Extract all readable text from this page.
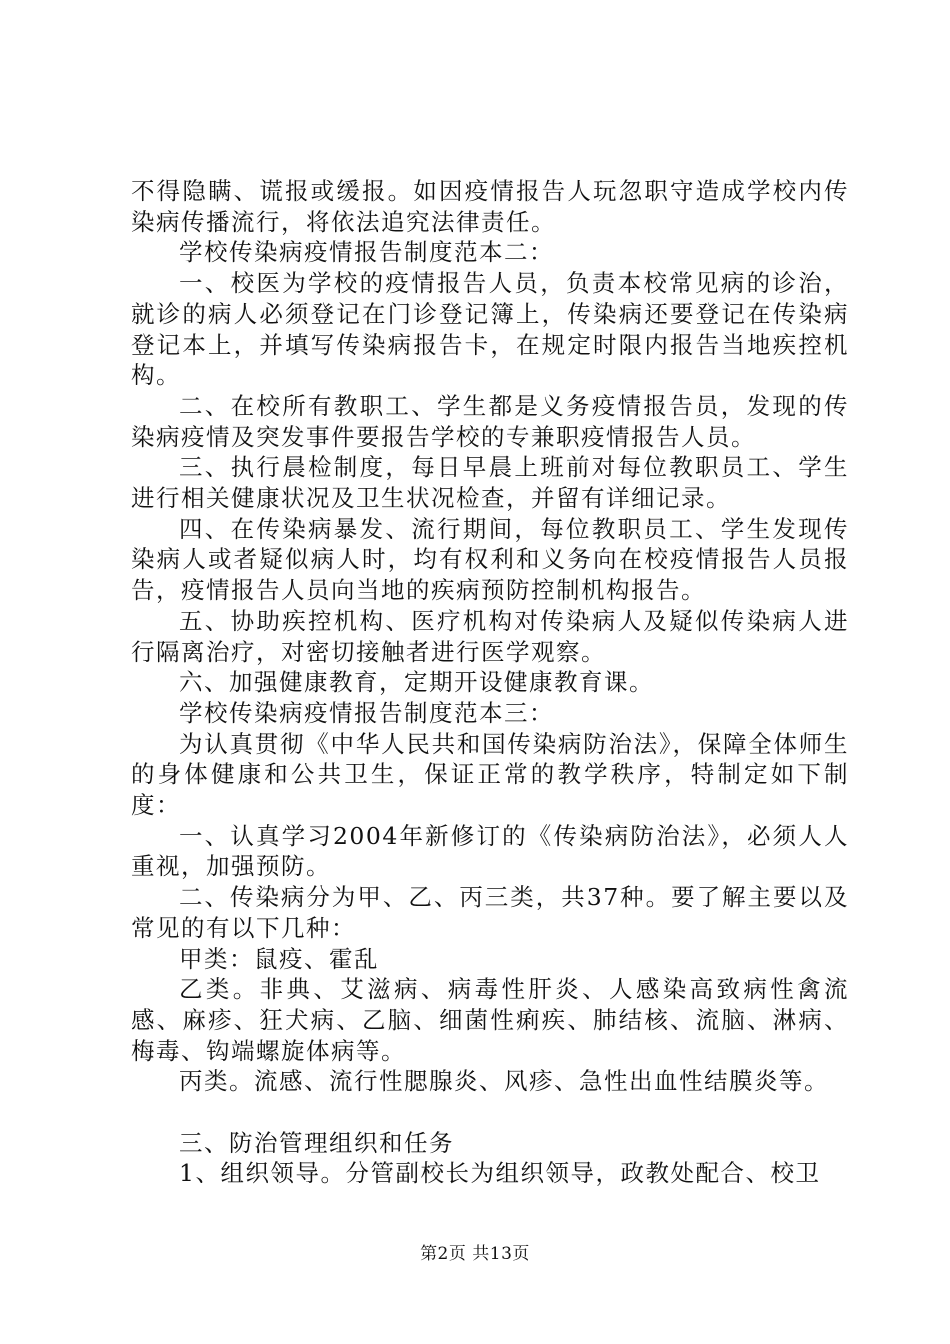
不得隐瞒、谎报或缓报。如因疫情报告人玩忽职守造成学校内传染病传播流行，将依法追究法律责任。

学校传染病疫情报告制度范本二：

一、校医为学校的疫情报告人员，负责本校常见病的诊治，就诊的病人必须登记在门诊登记簿上，传染病还要登记在传染病登记本上，并填写传染病报告卡，在规定时限内报告当地疾控机构。

二、在校所有教职工、学生都是义务疫情报告员，发现的传染病疫情及突发事件要报告学校的专兼职疫情报告人员。

三、执行晨检制度，每日早晨上班前对每位教职员工、学生进行相关健康状况及卫生状况检查，并留有详细记录。

四、在传染病暴发、流行期间，每位教职员工、学生发现传染病人或者疑似病人时，均有权利和义务向在校疫情报告人员报告，疫情报告人员向当地的疾病预防控制机构报告。

五、协助疾控机构、医疗机构对传染病人及疑似传染病人进行隔离治疗，对密切接触者进行医学观察。

六、加强健康教育，定期开设健康教育课。

学校传染病疫情报告制度范本三：

为认真贯彻《中华人民共和国传染病防治法》，保障全体师生的身体健康和公共卫生，保证正常的教学秩序，特制定如下制度：

一、认真学习2004年新修订的《传染病防治法》，必须人人重视，加强预防。

二、传染病分为甲、乙、丙三类，共37种。要了解主要以及常见的有以下几种：

甲类：鼠疫、霍乱

乙类。非典、艾滋病、病毒性肝炎、人感染高致病性禽流感、麻疹、狂犬病、乙脑、细菌性痢疾、肺结核、流脑、淋病、梅毒、钩端螺旋体病等。

丙类。流感、流行性腮腺炎、风疹、急性出血性结膜炎等。

三、防治管理组织和任务

1、组织领导。分管副校长为组织领导，政教处配合、校卫

第2页 共13页
